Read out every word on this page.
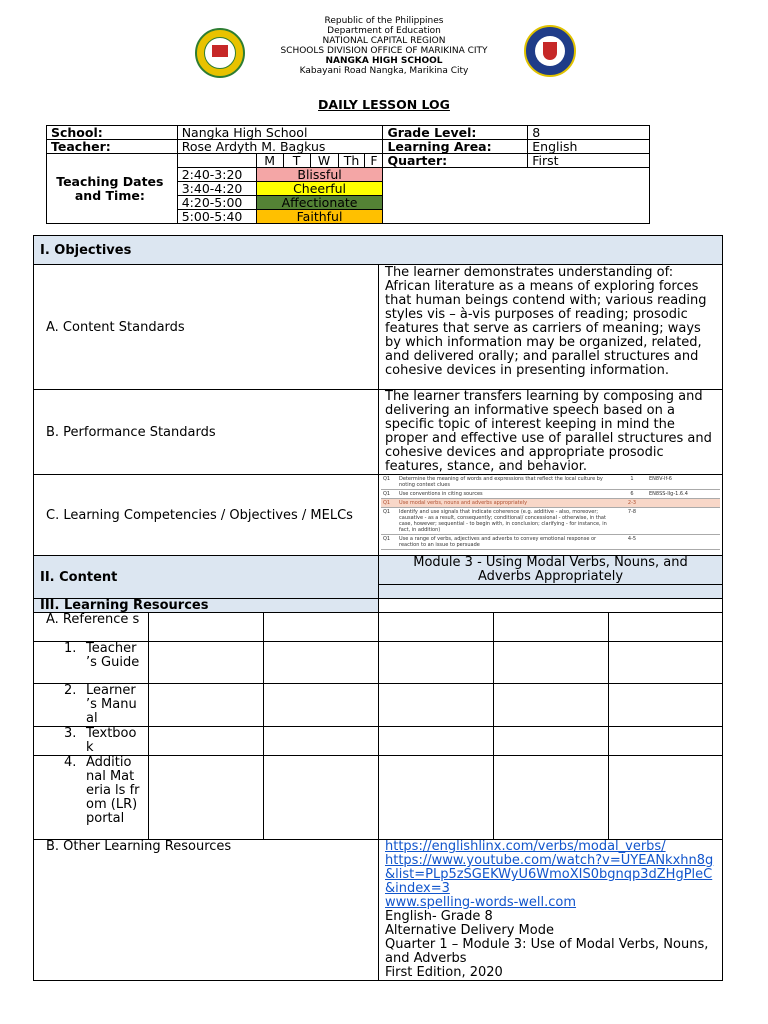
Republic of the Philippines
Department of Education
NATIONAL CAPITAL REGION
SCHOOLS DIVISION OFFICE OF MARIKINA CITY
NANGKA HIGH SCHOOL
Kabayani Road Nangka, Marikina City
DAILY LESSON LOG
School:	Nangka High School						Grade Level:	8
Teacher:	Rose Ardyth M. Bagkus						Learning Area:	English
Teaching Dates and Time:		M	T	W	Th	F	Quarter:	First
	2:40-3:20	Blissful						
	3:40-4:20	Cheerful						
	4:20-5:00	Affectionate						
	5:00-5:40	Faithful						
I. Objectives
A. Content Standards	The learner demonstrates understanding of: African literature as a means of exploring forces that human beings contend with; various reading styles vis – à-vis purposes of reading; prosodic features that serve as carriers of meaning; ways by which information may be organized, related, and delivered orally; and parallel structures and cohesive devices in presenting information.
B. Performance Standards	The learner transfers learning by composing and delivering an informative speech based on a specific topic of interest keeping in mind the proper and effective use of parallel structures and cohesive devices and appropriate prosodic features, stance, and behavior.

C. Learning Competencies / Objectives / MELCs

Q1	Determine the meaning of words and expressions that reflect the local culture by noting context clues	1	EN8V-If-6
Q1	Use conventions in citing sources	6	EN8SS-IIg-1.6.4
Q1	Use modal verbs, nouns and adverbs appropriately	2-3	
Q1	Identify and use signals that indicate coherence (e.g. additive - also, moreover; causative - as a result, consequently; conditional/ concessional - otherwise, in that case, however; sequential - to begin with, in conclusion; clarifying - for instance, in fact, in addition)	7-8	
Q1	Use a range of verbs, adjectives and adverbs to convey emotional response or reaction to an issue to persuade	4-5	

II. Content	Module 3 - Using Modal Verbs, Nouns, and Adverbs Appropriately

III. Learning Resources	

A. Reference s

1. Teacher ’s Guide

2. Learner ’s Manual

3. Textboo k

4. Additio nal Materia ls from (LR) portal

B. Other Learning Resources	https://englishlinx.com/verbs/modal_verbs/
https://www.youtube.com/watch?v=UYEANkxhn8g&list=PLp5zSGEKWyU6WmoXIS0bgnqp3dZHgPleC&index=3
www.spelling-words-well.com
English- Grade 8
Alternative Delivery Mode
Quarter 1 – Module 3: Use of Modal Verbs, Nouns, and Adverbs
First Edition, 2020
